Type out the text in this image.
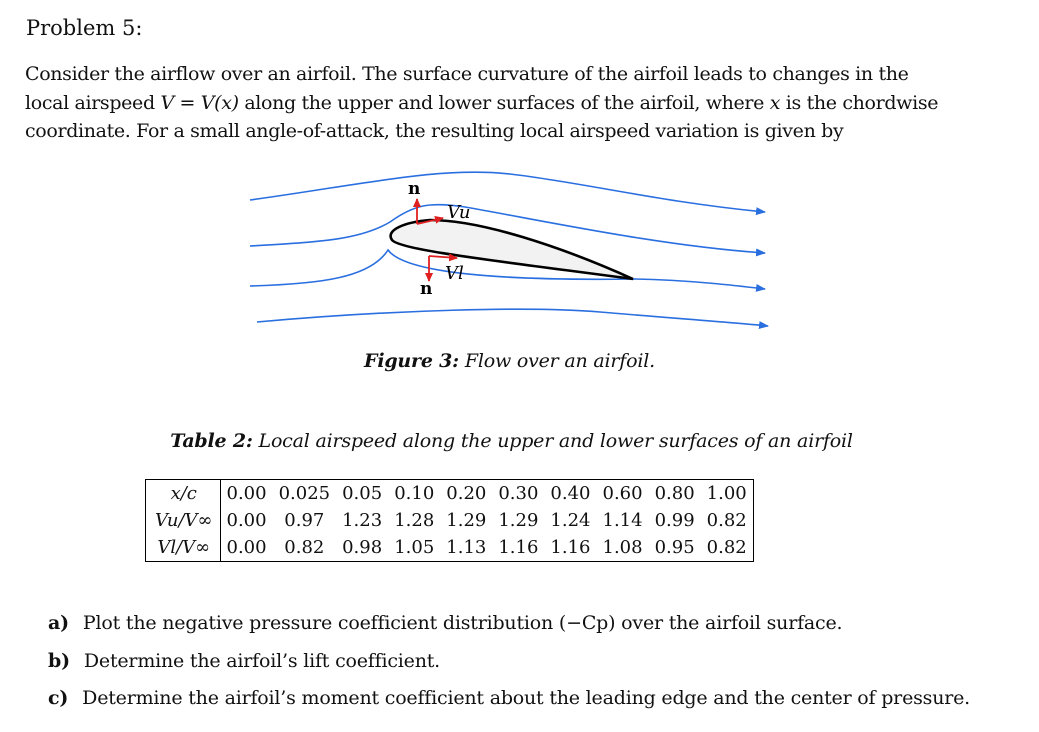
Problem 5:
Consider the airflow over an airfoil. The surface curvature of the airfoil leads to changes in the
local airspeed V = V(x) along the upper and lower surfaces of the airfoil, where x is the chordwise
coordinate. For a small angle-of-attack, the resulting local airspeed variation is given by
n
n
Vu
Vl
Figure 3: Flow over an airfoil.
Table 2: Local airspeed along the upper and lower surfaces of an airfoil
x/c	0.00	0.025	0.05	0.10	0.20	0.30	0.40	0.60	0.80	1.00
Vu/V∞	0.00	0.97	1.23	1.28	1.29	1.29	1.24	1.14	0.99	0.82
Vl/V∞	0.00	0.82	0.98	1.05	1.13	1.16	1.16	1.08	0.95	0.82
a) Plot the negative pressure coefficient distribution (−Cp) over the airfoil surface.
b) Determine the airfoil’s lift coefficient.
c) Determine the airfoil’s moment coefficient about the leading edge and the center of pressure.
